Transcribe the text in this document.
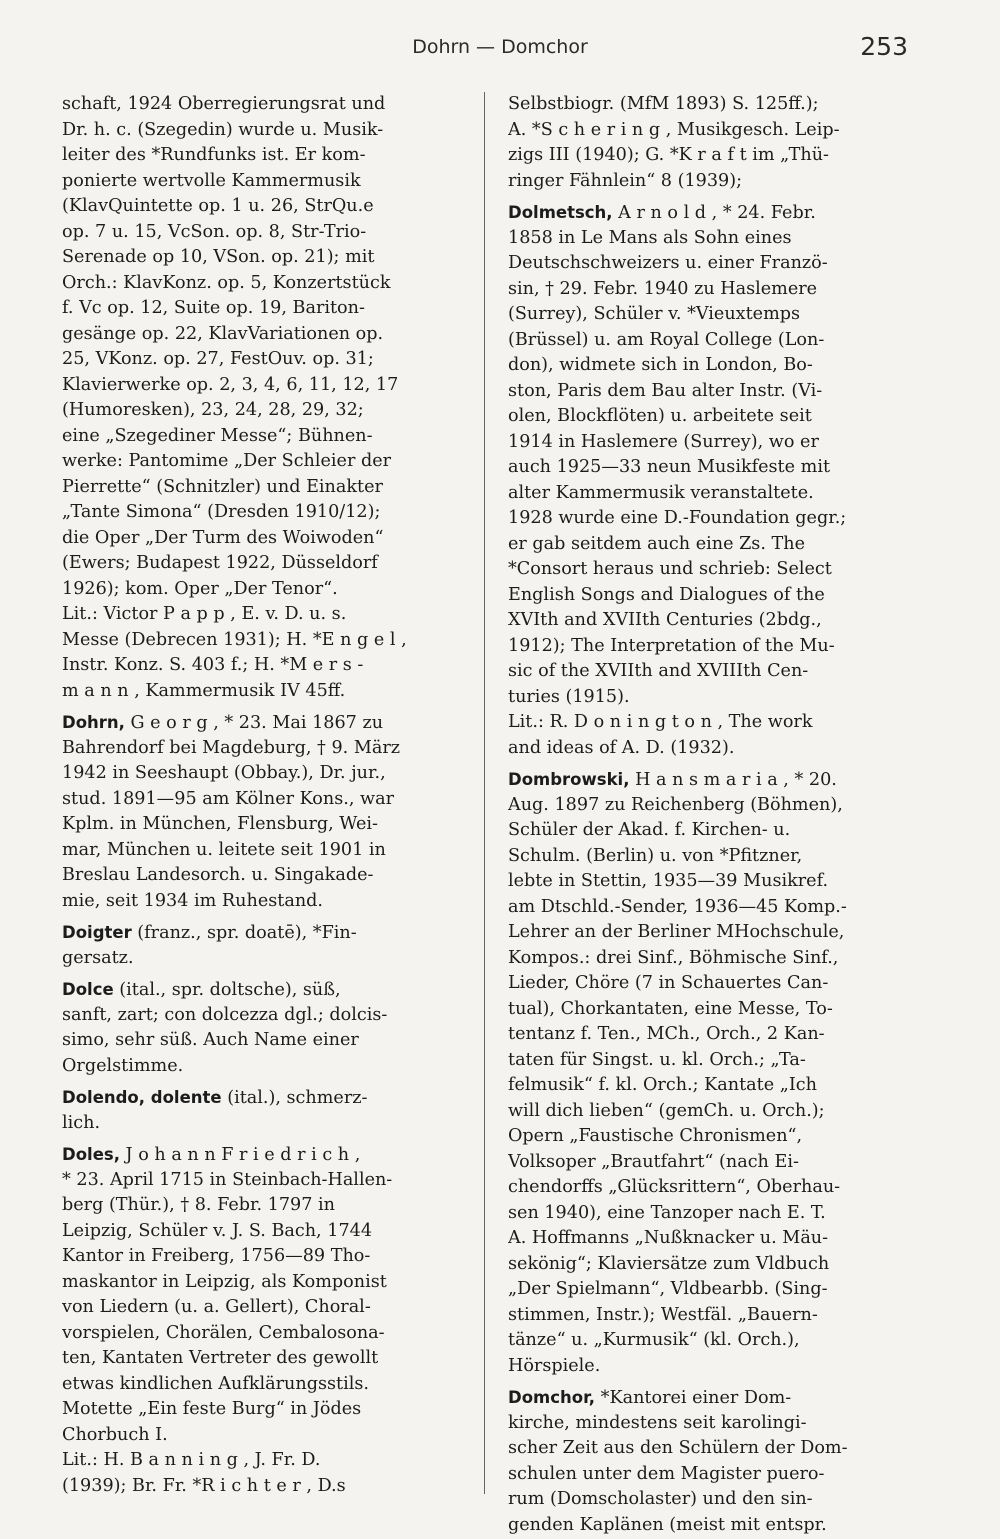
Dohrn — Domchor	253
schaft, 1924 Oberregierungsrat und
Dr. h. c. (Szegedin) wurde u. Musik-
leiter des *Rundfunks ist. Er kom-
ponierte wertvolle Kammermusik
(KlavQuintette op. 1 u. 26, StrQu.e
op. 7 u. 15, VcSon. op. 8, Str-Trio-
Serenade op 10, VSon. op. 21); mit
Orch.: KlavKonz. op. 5, Konzertstück
f. Vc op. 12, Suite op. 19, Bariton-
gesänge op. 22, KlavVariationen op.
25, VKonz. op. 27, FestOuv. op. 31;
Klavierwerke op. 2, 3, 4, 6, 11, 12, 17
(Humoresken), 23, 24, 28, 29, 32;
eine „Szegediner Messe“; Bühnen-
werke: Pantomime „Der Schleier der
Pierrette“ (Schnitzler) und Einakter
„Tante Simona“ (Dresden 1910/12);
die Oper „Der Turm des Woiwoden“
(Ewers; Budapest 1922, Düsseldorf
1926); kom. Oper „Der Tenor“.
Lit.: Victor P a p p , E. v. D. u. s.
Messe (Debrecen 1931); H. *E n g e l ,
Instr. Konz. S. 403 f.; H. *M e r s -
m a n n , Kammermusik IV 45ff.
Dohrn, G e o r g , * 23. Mai 1867 zu
Bahrendorf bei Magdeburg, † 9. März
1942 in Seeshaupt (Obbay.), Dr. jur.,
stud. 1891—95 am Kölner Kons., war
Kplm. in München, Flensburg, Wei-
mar, München u. leitete seit 1901 in
Breslau Landesorch. u. Singakade-
mie, seit 1934 im Ruhestand.
Doigter (franz., spr. doatē), *Fin-
gersatz.
Dolce (ital., spr. doltsche), süß,
sanft, zart; con dolcezza dgl.; dolcis-
simo, sehr süß. Auch Name einer
Orgelstimme.
Dolendo, dolente (ital.), schmerz-
lich.
Doles, J o h a n n F r i e d r i c h ,
* 23. April 1715 in Steinbach-Hallen-
berg (Thür.), † 8. Febr. 1797 in
Leipzig, Schüler v. J. S. Bach, 1744
Kantor in Freiberg, 1756—89 Tho-
maskantor in Leipzig, als Komponist
von Liedern (u. a. Gellert), Choral-
vorspielen, Chorälen, Cembalosona-
ten, Kantaten Vertreter des gewollt
etwas kindlichen Aufklärungsstils.
Motette „Ein feste Burg“ in Jödes
Chorbuch I.
Lit.: H. B a n n i n g , J. Fr. D.
(1939); Br. Fr. *R i c h t e r , D.s
Selbstbiogr. (MfM 1893) S. 125ff.);
A. *S c h e r i n g , Musikgesch. Leip-
zigs III (1940); G. *K r a f t im „Thü-
ringer Fähnlein“ 8 (1939);
Dolmetsch, A r n o l d , * 24. Febr.
1858 in Le Mans als Sohn eines
Deutschschweizers u. einer Franzö-
sin, † 29. Febr. 1940 zu Haslemere
(Surrey), Schüler v. *Vieuxtemps
(Brüssel) u. am Royal College (Lon-
don), widmete sich in London, Bo-
ston, Paris dem Bau alter Instr. (Vi-
olen, Blockflöten) u. arbeitete seit
1914 in Haslemere (Surrey), wo er
auch 1925—33 neun Musikfeste mit
alter Kammermusik veranstaltete.
1928 wurde eine D.-Foundation gegr.;
er gab seitdem auch eine Zs. The
*Consort heraus und schrieb: Select
English Songs and Dialogues of the
XVIth and XVIIth Centuries (2bdg.,
1912); The Interpretation of the Mu-
sic of the XVIIth and XVIIIth Cen-
turies (1915).
Lit.: R. D o n i n g t o n , The work
and ideas of A. D. (1932).
Dombrowski, H a n s m a r i a , * 20.
Aug. 1897 zu Reichenberg (Böhmen),
Schüler der Akad. f. Kirchen- u.
Schulm. (Berlin) u. von *Pfitzner,
lebte in Stettin, 1935—39 Musikref.
am Dtschld.-Sender, 1936—45 Komp.-
Lehrer an der Berliner MHochschule,
Kompos.: drei Sinf., Böhmische Sinf.,
Lieder, Chöre (7 in Schauertes Can-
tual), Chorkantaten, eine Messe, To-
tentanz f. Ten., MCh., Orch., 2 Kan-
taten für Singst. u. kl. Orch.; „Ta-
felmusik“ f. kl. Orch.; Kantate „Ich
will dich lieben“ (gemCh. u. Orch.);
Opern „Faustische Chronismen“,
Volksoper „Brautfahrt“ (nach Ei-
chendorffs „Glücksrittern“, Oberhau-
sen 1940), eine Tanzoper nach E. T.
A. Hoffmanns „Nußknacker u. Mäu-
sekönig“; Klaviersätze zum Vldbuch
„Der Spielmann“, Vldbearbb. (Sing-
stimmen, Instr.); Westfäl. „Bauern-
tänze“ u. „Kurmusik“ (kl. Orch.),
Hörspiele.
Domchor, *Kantorei einer Dom-
kirche, mindestens seit karolingi-
scher Zeit aus den Schülern der Dom-
schulen unter dem Magister puero-
rum (Domscholaster) und den sin-
genden Kaplänen (meist mit entspr.
